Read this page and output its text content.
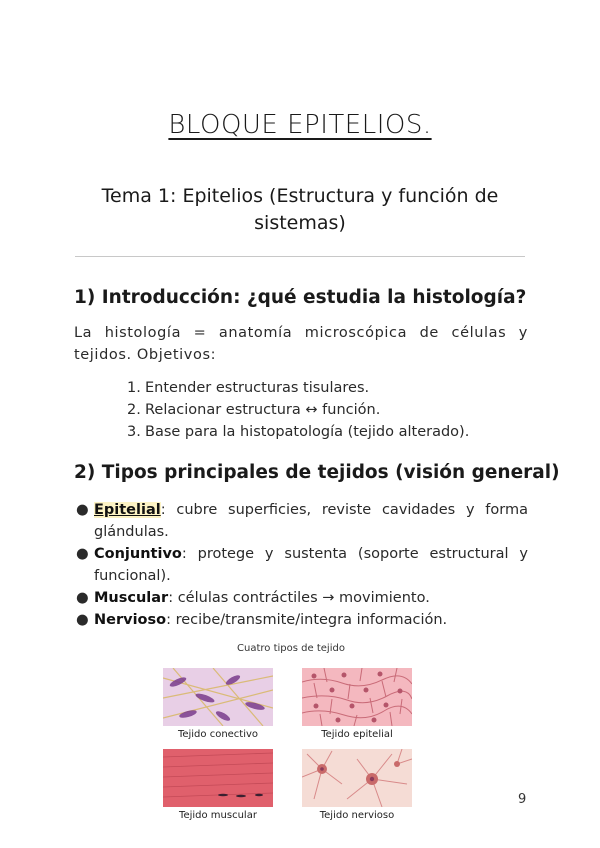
BLOQUE EPITELIOS.
Tema 1: Epitelios (Estructura y función de
sistemas)
1) Introducción: ¿qué estudia la histología?
La histología = anatomía microscópica de células y tejidos. Objetivos:
1. Entender estructuras tisulares.
2. Relacionar estructura ↔ función.
3. Base para la histopatología (tejido alterado).
2) Tipos principales de tejidos (visión general)
● Epitelial: cubre superficies, reviste cavidades y forma glándulas.
● Conjuntivo: protege y sustenta (soporte estructural y funcional).
● Muscular: células contráctiles → movimiento.
● Nervioso: recibe/transmite/integra información.
Cuatro tipos de tejido
Tejido conectivo	Tejido epitelial
Tejido muscular	Tejido nervioso
9
